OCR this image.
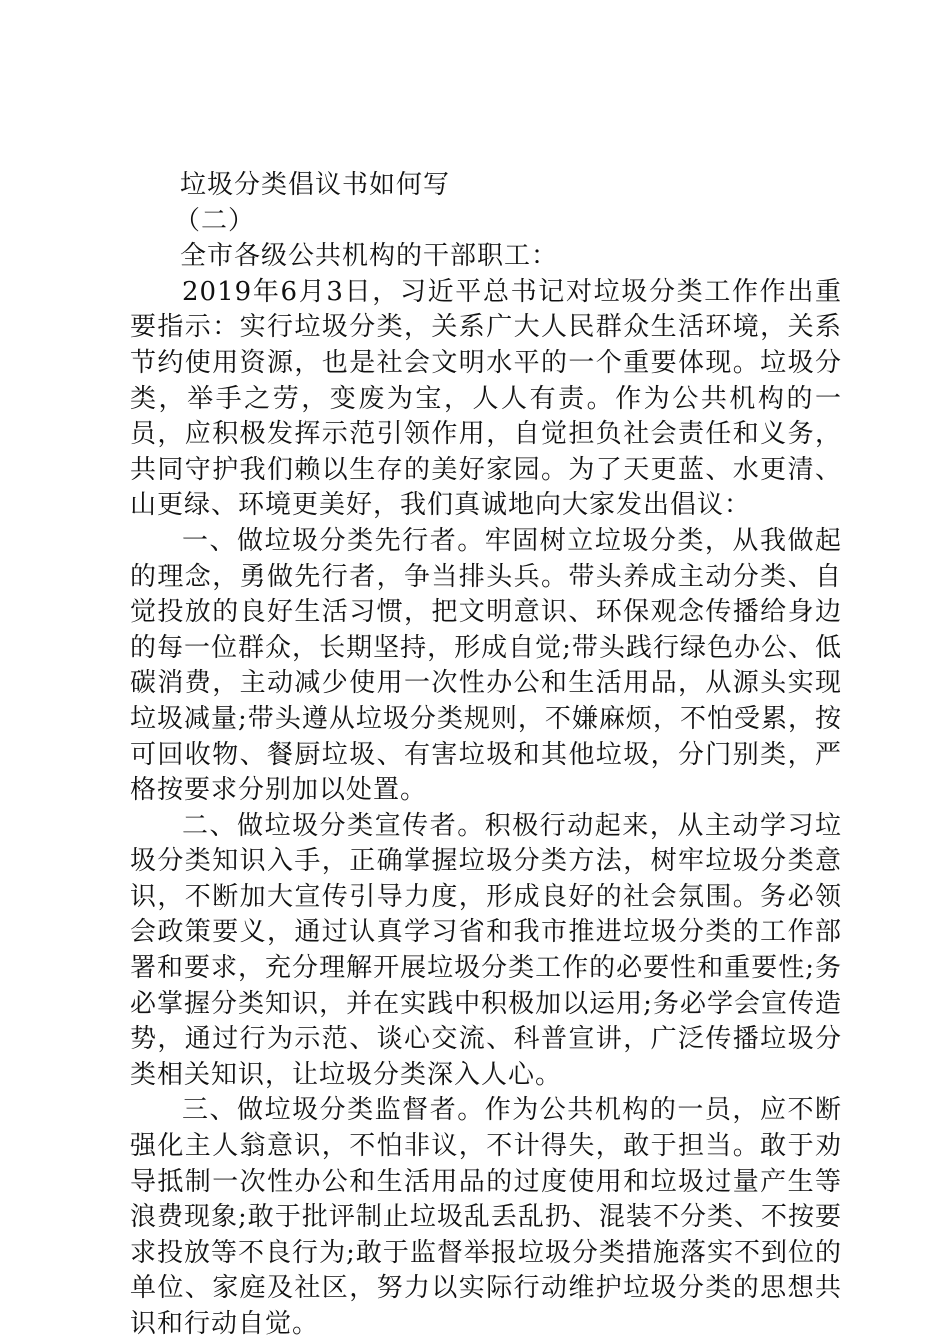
垃圾分类倡议书如何写

（二）

全市各级公共机构的干部职工：

2019年6月3日，习近平总书记对垃圾分类工作作出重要指示：实行垃圾分类，关系广大人民群众生活环境，关系节约使用资源，也是社会文明水平的一个重要体现。垃圾分类，举手之劳，变废为宝，人人有责。作为公共机构的一员，应积极发挥示范引领作用，自觉担负社会责任和义务，共同守护我们赖以生存的美好家园。为了天更蓝、水更清、山更绿、环境更美好，我们真诚地向大家发出倡议：

一、做垃圾分类先行者。牢固树立垃圾分类，从我做起的理念，勇做先行者，争当排头兵。带头养成主动分类、自觉投放的良好生活习惯，把文明意识、环保观念传播给身边的每一位群众，长期坚持，形成自觉;带头践行绿色办公、低碳消费，主动减少使用一次性办公和生活用品，从源头实现垃圾减量;带头遵从垃圾分类规则，不嫌麻烦，不怕受累，按可回收物、餐厨垃圾、有害垃圾和其他垃圾，分门别类，严格按要求分别加以处置。

二、做垃圾分类宣传者。积极行动起来，从主动学习垃圾分类知识入手，正确掌握垃圾分类方法，树牢垃圾分类意识，不断加大宣传引导力度，形成良好的社会氛围。务必领会政策要义，通过认真学习省和我市推进垃圾分类的工作部署和要求，充分理解开展垃圾分类工作的必要性和重要性;务必掌握分类知识，并在实践中积极加以运用;务必学会宣传造势，通过行为示范、谈心交流、科普宣讲，广泛传播垃圾分类相关知识，让垃圾分类深入人心。

三、做垃圾分类监督者。作为公共机构的一员，应不断强化主人翁意识，不怕非议，不计得失，敢于担当。敢于劝导抵制一次性办公和生活用品的过度使用和垃圾过量产生等浪费现象;敢于批评制止垃圾乱丢乱扔、混装不分类、不按要求投放等不良行为;敢于监督举报垃圾分类措施落实不到位的单位、家庭及社区，努力以实际行动维护垃圾分类的思想共识和行动自觉。
